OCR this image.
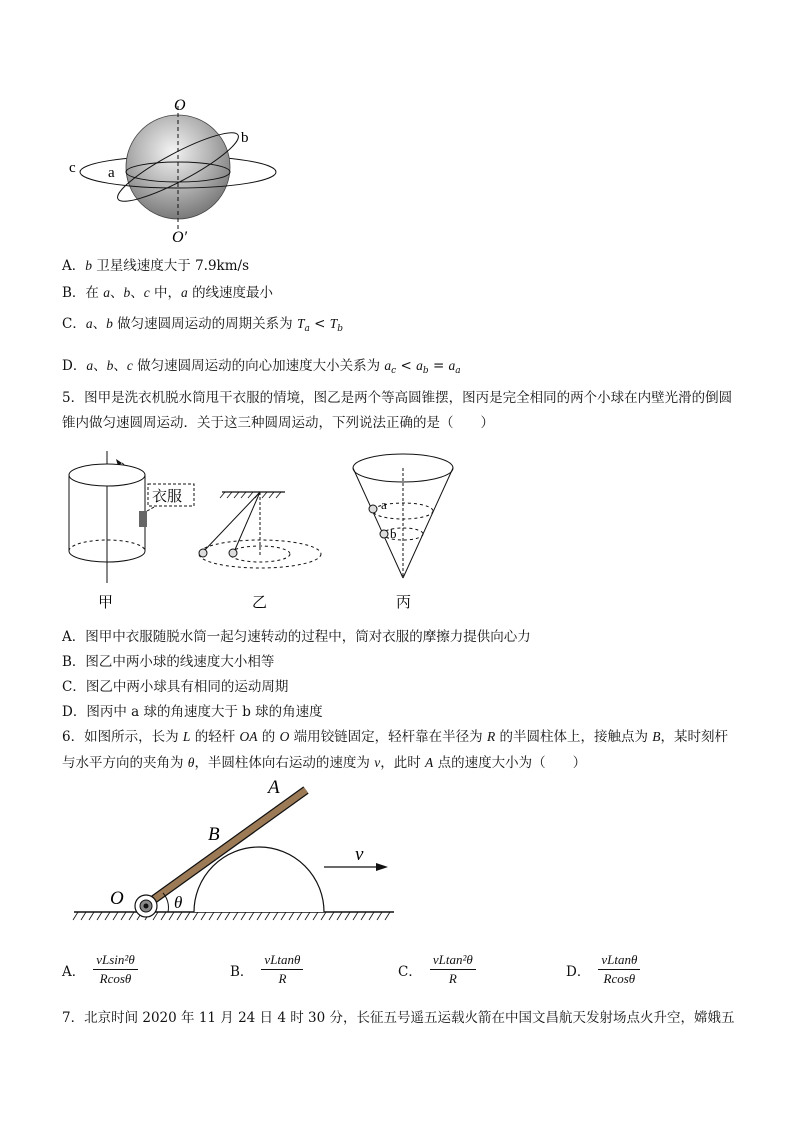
O
O′
a
b
c
A．b 卫星线速度大于 7.9km/s
B．在 a、b、c 中，a 的线速度最小
C．a、b 做匀速圆周运动的周期关系为 $T_a < T_b$
D．a、b、c 做匀速圆周运动的向心加速度大小关系为 $a_c < a_b = a_a$
5．图甲是洗衣机脱水筒甩干衣服的情境，图乙是两个等高圆锥摆，图丙是完全相同的两个小球在内壁光滑的倒圆锥内做匀速圆周运动．关于这三种圆周运动，下列说法正确的是（　　）
衣服
甲	乙
a
b
丙
A．图甲中衣服随脱水筒一起匀速转动的过程中，筒对衣服的摩擦力提供向心力
B．图乙中两小球的线速度大小相等
C．图乙中两小球具有相同的运动周期
D．图丙中 a 球的角速度大于 b 球的角速度
6．如图所示，长为 L 的轻杆 OA 的 O 端用铰链固定，轻杆靠在半径为 R 的半圆柱体上，接触点为 B，某时刻杆与水平方向的夹角为 θ，半圆柱体向右运动的速度为 v，此时 A 点的速度大小为（　　）
A
B
O	θ
v
A． $\frac{\text{vLsin²θ}}{Rcos\theta}$	B． $\frac{vLtan\theta}{R}$	C． $\frac{\text{vLtan²θ}}{R}$	D． $\frac{vLtan\theta}{Rcos\theta}$
7．北京时间 2020 年 11 月 24 日 4 时 30 分，长征五号遥五运载火箭在中国文昌航天发射场点火升空，嫦娥五
